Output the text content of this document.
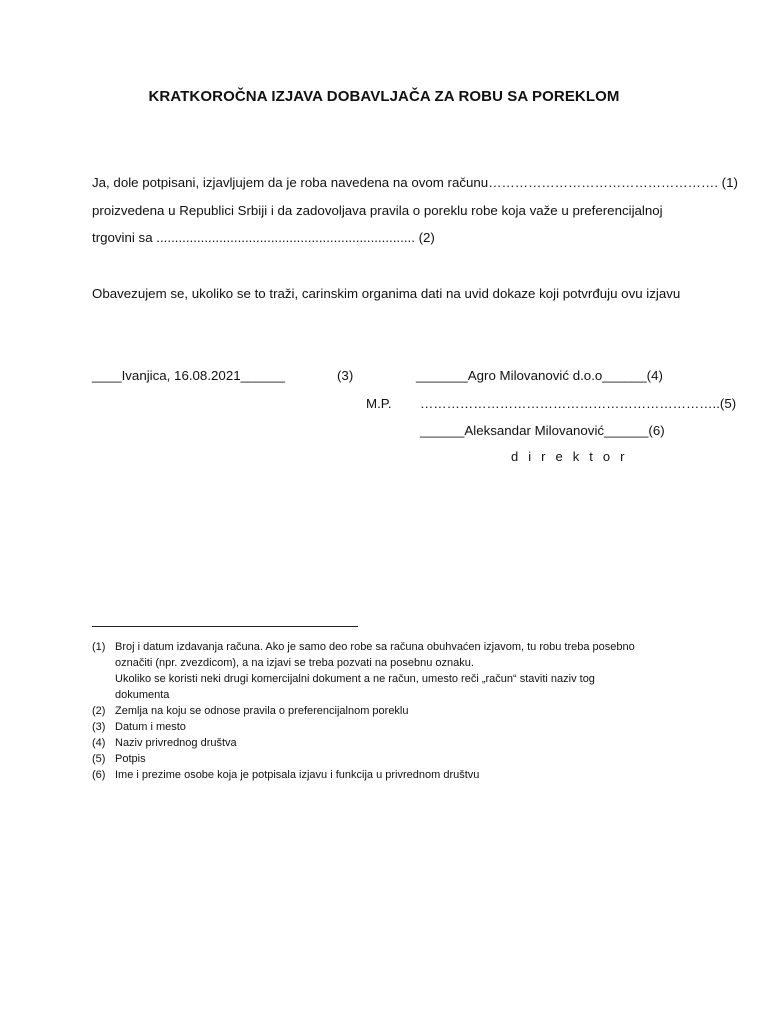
KRATKOROČNA IZJAVA DOBAVLJAČA ZA ROBU SA POREKLOM
Ja, dole potpisani, izjavljujem da je roba navedena na ovom računu……………………………………………. (1)
proizvedena u Republici Srbiji i da zadovoljava pravila o poreklu robe koja važe u preferencijalnoj
trgovini sa ...................................................................... (2)
Obavezujem se, ukoliko se to traži, carinskim organima dati na uvid dokaze koji potvrđuju ovu izjavu
____Ivanjica, 16.08.2021______	(3)	_______Agro Milovanović d.o.o______(4)
M.P. …………………………………………………………..(5)
______Aleksandar Milovanović______(6)
d i r e k t o r
(1) Broj i datum izdavanja računa. Ako je samo deo robe sa računa obuhvaćen izjavom, tu robu treba posebno
označiti (npr. zvezdicom), a na izjavi se treba pozvati na posebnu oznaku.
Ukoliko se koristi neki drugi komercijalni dokument a ne račun, umesto reči „račun“ staviti naziv tog
dokumenta
(2) Zemlja na koju se odnose pravila o preferencijalnom poreklu
(3) Datum i mesto
(4) Naziv privrednog društva
(5) Potpis
(6) Ime i prezime osobe koja je potpisala izjavu i funkcija u privrednom društvu
